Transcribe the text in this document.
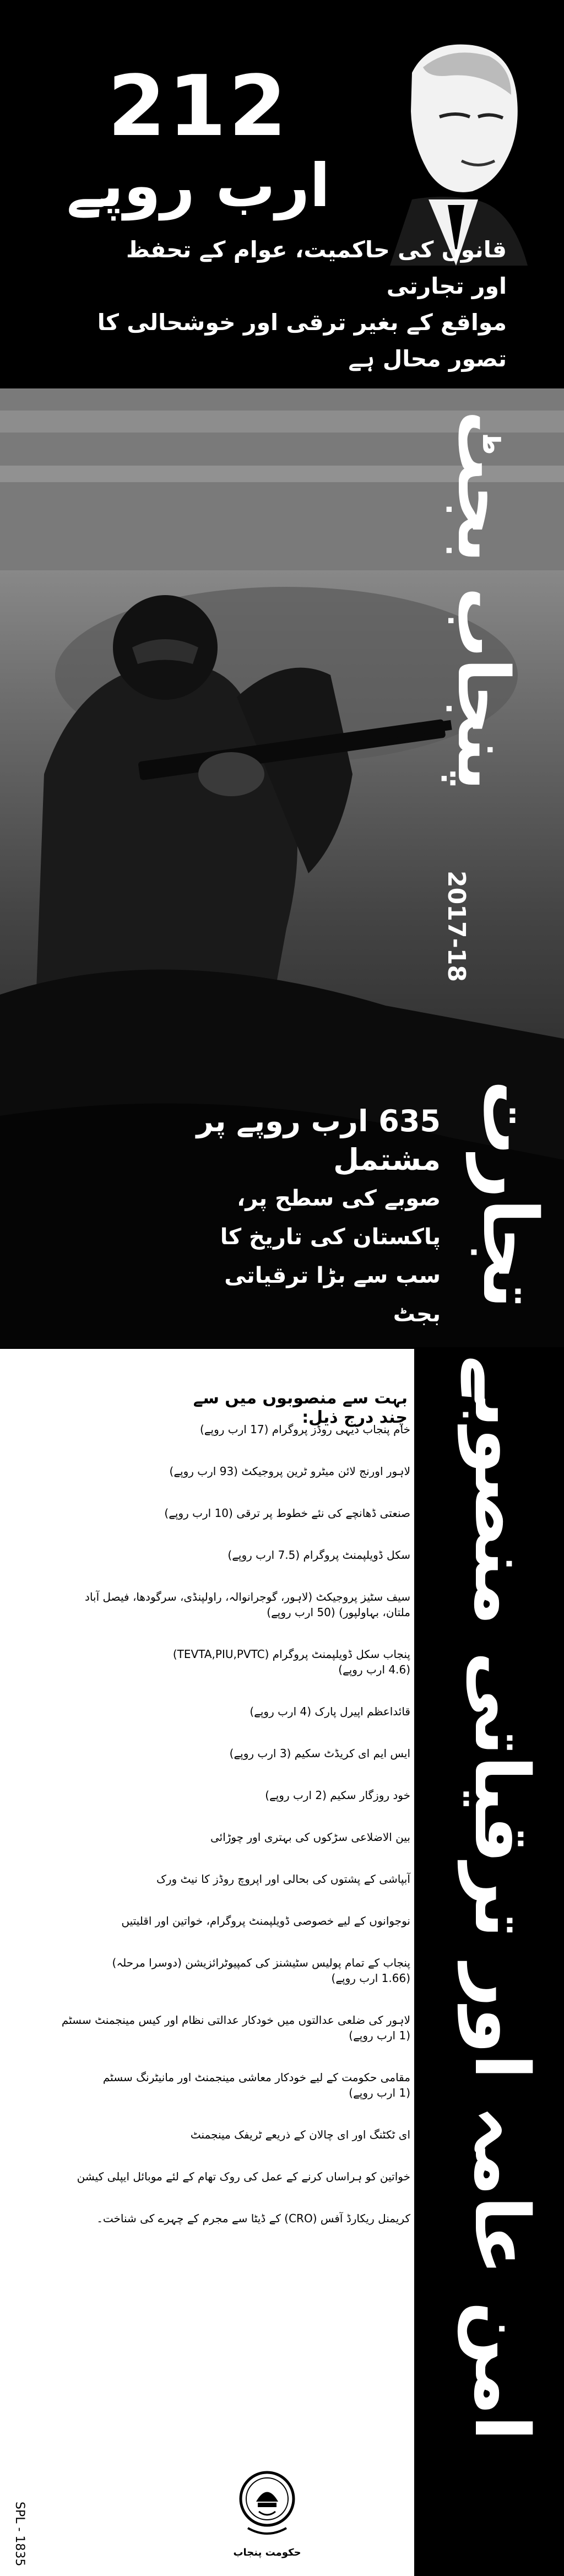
212
ارب روپے
قانون کی حاکمیت، عوام کے تحفظ اور تجارتی
مواقع کے بغیر ترقی اور خوشحالی کا تصور محال ہے
پنجاب بجٹ
2017-18
635 ارب روپے پر مشتمل
صوبے کی سطح پر، پاکستان کی تاریخ کا
سب سے بڑا ترقیاتی بجٹ
تجارت
امن عامہ اور ترقیاتی منصوبے
بہت سے منصوبوں میں سے چند درج ذیل:
خام پنجاب دیہی روڈز پروگرام (17 ارب روپے)
لاہور اورنج لائن میٹرو ٹرین پروجیکٹ (93 ارب روپے)
صنعتی ڈھانچے کی نئے خطوط پر ترقی (10 ارب روپے)
سکل ڈویلپمنٹ پروگرام (7.5 ارب روپے)
سیف سٹیز پروجیکٹ (لاہور، گوجرانوالہ، راولپنڈی، سرگودھا، فیصل آباد
ملتان، بہاولپور) (50 ارب روپے)
پنجاب سکل ڈویلپمنٹ پروگرام (TEVTA,PIU,PVTC)
(4.6 ارب روپے)
قائداعظم اپیرل پارک (4 ارب روپے)
ایس ایم ای کریڈٹ سکیم (3 ارب روپے)
خود روزگار سکیم (2 ارب روپے)
بین الاضلاعی سڑکوں کی بہتری اور چوڑائی
آبپاشی کے پشتوں کی بحالی اور اپروچ روڈز کا نیٹ ورک
نوجوانوں کے لیے خصوصی ڈویلپمنٹ پروگرام، خواتین اور اقلیتیں
پنجاب کے تمام پولیس سٹیشنز کی کمپیوٹرائزیشن (دوسرا مرحلہ)
(1.66 ارب روپے)
لاہور کی ضلعی عدالتوں میں خودکار عدالتی نظام اور کیس مینجمنٹ سسٹم
(1 ارب روپے)
مقامی حکومت کے لیے خودکار معاشی مینجمنٹ اور مانیٹرنگ سسٹم
(1 ارب روپے)
ای ٹکٹنگ اور ای چالان کے ذریعے ٹریفک مینجمنٹ
خواتین کو ہراساں کرنے کے عمل کی روک تھام کے لئے موبائل ایپلی کیشن
کریمنل ریکارڈ آفس (CRO) کے ڈیٹا سے مجرم کے چہرے کی شناخت۔
حکومت پنجاب
SPL - 1835
